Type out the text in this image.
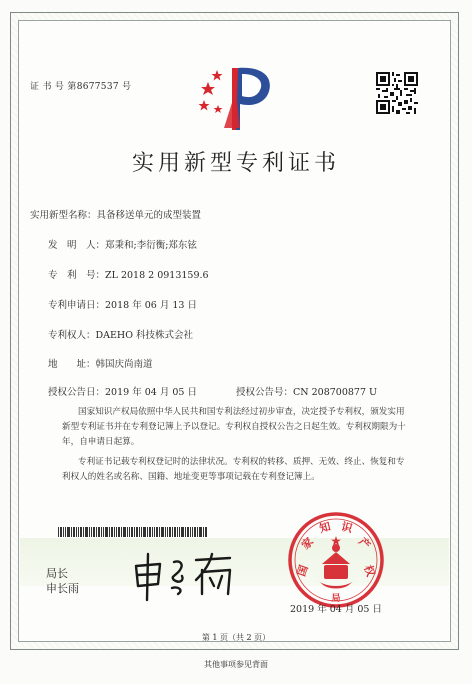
证 书 号 第8677537 号
实用新型专利证书
实用新型名称：具备移送单元的成型装置
发　明　人：郑秉和;李衍衡;郑东铉
专　利　号：ZL 2018 2 0913159.6
专利申请日：2018 年 06 月 13 日
专利权人：DAEHO 科技株式会社
地　　址：韩国庆尚南道
授权公告日：2019 年 04 月 05 日	授权公告号：CN 208700877 U
国家知识产权局依照中华人民共和国专利法经过初步审查，决定授予专利权，颁发实用
新型专利证书并在专利登记簿上予以登记。专利权自授权公告之日起生效。专利权期限为十
年，自申请日起算。
专利证书记载专利权登记时的法律状况。专利权的转移、质押、无效、终止、恢复和专
利权人的姓名或名称、国籍、地址变更等事项记载在专利登记簿上。
局长
申长雨
国
家
知 识
产
权
局
2019 年 04 月 05 日
第 1 页（共 2 页）
其他事项参见背面
